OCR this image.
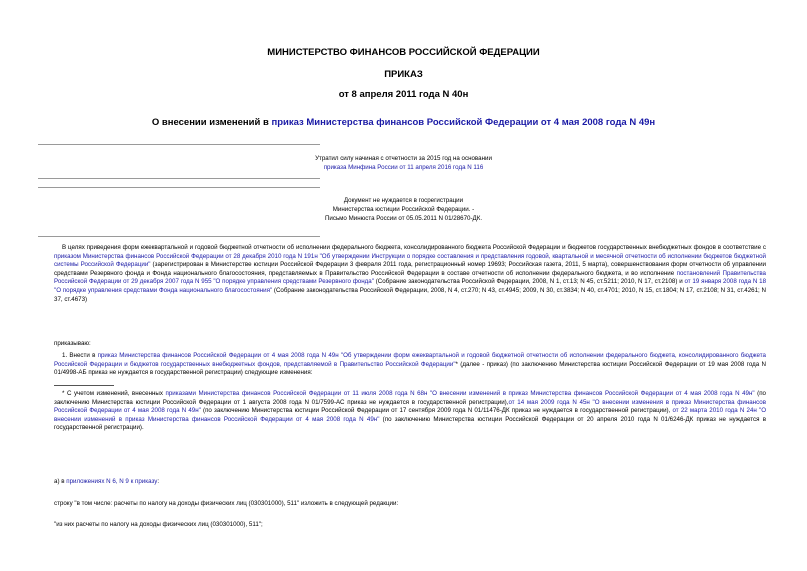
МИНИСТЕРСТВО ФИНАНСОВ РОССИЙСКОЙ ФЕДЕРАЦИИ
ПРИКАЗ
от 8 апреля 2011 года N 40н
О внесении изменений в приказ Министерства финансов Российской Федерации от 4 мая 2008 года N 49н
Утратил силу начиная с отчетности за 2015 год на основании
приказа Минфина России от 11 апреля 2016 года N 116
Документ не нуждается в госрегистрации
Министерства юстиции Российской Федерации. -
Письмо Минюста России от 05.05.2011 N 01/28670-ДК.
В целях приведения форм ежеквартальной и годовой бюджетной отчетности об исполнении федерального бюджета, консолидированного бюджета Российской Федерации и бюджетов государственных внебюджетных фондов в соответствие с приказом Министерства финансов Российской Федерации от 28 декабря 2010 года N 191н "Об утверждении Инструкции о порядке составления и представления годовой, квартальной и месячной отчетности об исполнении бюджетов бюджетной системы Российской Федерации" (зарегистрирован в Министерстве юстиции Российской Федерации 3 февраля 2011 года, регистрационный номер 19693; Российская газета, 2011, 5 марта), совершенствования форм отчетности об управлении средствами Резервного фонда и Фонда национального благосостояния, представляемых в Правительство Российской Федерации в составе отчетности об исполнении федерального бюджета, и во исполнение постановлений Правительства Российской Федерации от 29 декабря 2007 года N 955 "О порядке управления средствами Резервного фонда" (Собрание законодательства Российской Федерации, 2008, N 1, ст.13; N 45, ст.5211; 2010, N 17, ст.2108) и от 19 января 2008 года N 18 "О порядке управления средствами Фонда национального благосостояния" (Собрание законодательства Российской Федерации, 2008, N 4, ст.270; N 43, ст.4945; 2009, N 30, ст.3834; N 40, ст.4701; 2010, N 15, ст.1804; N 17, ст.2108; N 31, ст.4261; N 37, ст.4673)
приказываю:
1. Внести в приказ Министерства финансов Российской Федерации от 4 мая 2008 года N 49н "Об утверждении форм ежеквартальной и годовой бюджетной отчетности об исполнении федерального бюджета, консолидированного бюджета Российской Федерации и бюджетов государственных внебюджетных фондов, представляемой в Правительство Российской Федерации"* (далее - приказ) (по заключению Министерства юстиции Российской Федерации от 19 мая 2008 года N 01/4998-АБ приказ не нуждается в государственной регистрации) следующие изменения:
* С учетом изменений, внесенных приказами Министерства финансов Российской Федерации от 11 июля 2008 года N 68н "О внесении изменений в приказ Министерства финансов Российской Федерации от 4 мая 2008 года N 49н" (по заключению Министерства юстиции Российской Федерации от 1 августа 2008 года N 01/7599-АС приказ не нуждается в государственной регистрации),от 14 мая 2009 года N 45н "О внесении изменения в приказ Министерства финансов Российской Федерации от 4 мая 2008 года N 49н" (по заключению Министерства юстиции Российской Федерации от 17 сентября 2009 года N 01/11476-ДК приказ не нуждается в государственной регистрации), от 22 марта 2010 года N 24н "О внесении изменений в приказ Министерства финансов Российской Федерации от 4 мая 2008 года N 49н" (по заключению Министерства юстиции Российской Федерации от 20 апреля 2010 года N 01/6246-ДК приказ не нуждается в государственной регистрации).
а) в приложениях N 6, N 9 к приказу:
строку "в том числе: расчеты по налогу на доходы физических лиц (030301000), 511" изложить в следующей редакции:
"из них расчеты по налогу на доходы физических лиц (030301000), 511";
